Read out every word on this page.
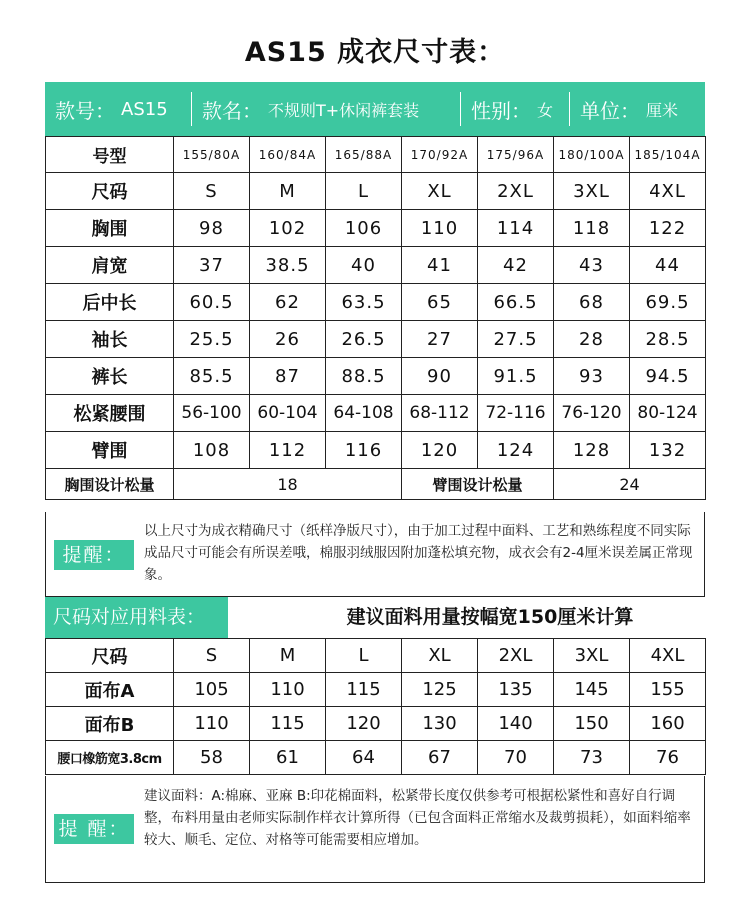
AS15 成衣尺寸表：
款号： AS15 款名： 不规则T+休闲裤套装	性别： 女 单位： 厘米
号型	155/80A	160/84A	165/88A	170/92A	175/96A	180/100A	185/104A
尺码	S	M	L	XL	2XL	3XL	4XL
胸围	98	102	106	110	114	118	122
肩宽	37	38.5	40	41	42	43	44
后中长	60.5	62	63.5	65	66.5	68	69.5
袖长	25.5	26	26.5	27	27.5	28	28.5
裤长	85.5	87	88.5	90	91.5	93	94.5
松紧腰围	56-100	60-104	64-108	68-112	72-116	76-120	80-124
臂围	108	112	116	120	124	128	132
胸围设计松量	18			臂围设计松量		24	
提醒：
以上尺寸为成衣精确尺寸（纸样净版尺寸），由于加工过程中面料、工艺和熟练程度不同实际成品尺寸可能会有所误差哦，棉服羽绒服因附加蓬松填充物，成衣会有2-4厘米误差属正常现象。
尺码对应用料表：	建议面料用量按幅宽150厘米计算
尺码	S	M	L	XL	2XL	3XL	4XL
面布A	105	110	115	125	135	145	155
面布B	110	115	120	130	140	150	160
腰口橡筋宽3.8cm	58	61	64	67	70	73	76
提 醒：
建议面料：A:棉麻、亚麻 B:印花棉面料，松紧带长度仅供参考可根据松紧性和喜好自行调整，布料用量由老师实际制作样衣计算所得（已包含面料正常缩水及裁剪损耗），如面料缩率较大、顺毛、定位、对格等可能需要相应增加。
